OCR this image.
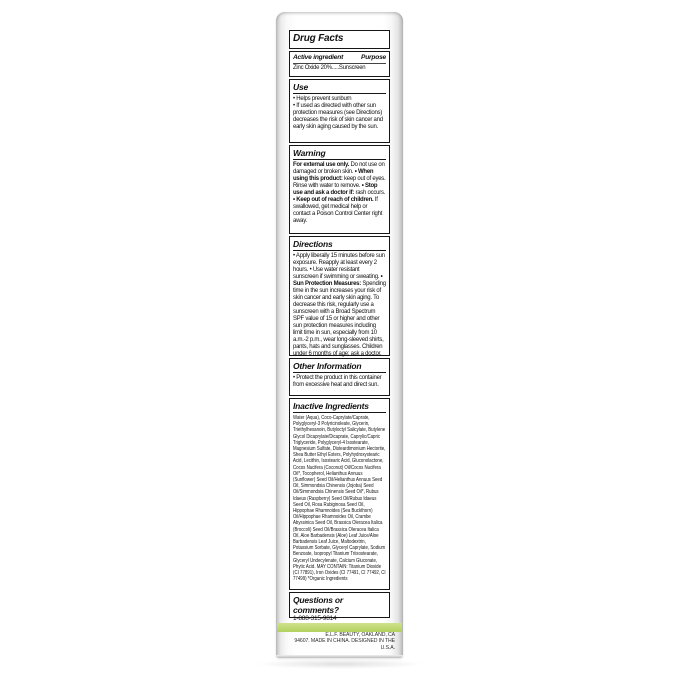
Drug Facts
Active ingredient	Purpose
Zinc Oxide 20%.....Sunscreen
Use
• Helps prevent sunburn
• If used as directed with other sun protection measures (see Directions) decreases the risk of skin cancer and early skin aging caused by the sun.
Warning
For external use only. Do not use on damaged or broken skin. • When using this product: keep out of eyes. Rinse with water to remove. • Stop use and ask a doctor if: rash occurs. • Keep out of reach of children. If swallowed, get medical help or contact a Poison Control Center right away.
Directions
• Apply liberally 15 minutes before sun exposure. Reapply at least every 2 hours. • Use water resistant sunscreen if swimming or sweating. • Sun Protection Measures: Spending time in the sun increases your risk of skin cancer and early skin aging. To decrease this risk, regularly use a sunscreen with a Broad Spectrum SPF value of 15 or higher and other sun protection measures including limit time in sun, especially from 10 a.m.-2 p.m., wear long-sleeved shirts, pants, hats and sunglasses. Children under 6 months of age: ask a doctor.
Other Information
• Protect the product in this container from excessive heat and direct sun.
Inactive Ingredients
Water (Aqua), Coco-Caprylate/Caprate, Polyglyceryl-3 Polyricinoleate, Glycerin, Triethylhexanoin, Butyloctyl Salicylate, Butylene Glycol Dicaprylate/Dicaprate, Caprylic/Capric Triglyceride, Polyglyceryl-4 Isostearate, Magnesium Sulfate, Disteardimonium Hectorite, Shea Butter Ethyl Esters, Polyhydroxystearic Acid, Lecithin, Isostearic Acid, Gluconolactone, Cocos Nucifera (Coconut) Oil/Cocos Nucifera Oil*, Tocopherol, Helianthus Annuus (Sunflower) Seed Oil/Helianthus Annuus Seed Oil, Simmondsia Chinensis (Jojoba) Seed Oil/Simmondsia Chinensis Seed Oil*, Rubus Idaeus (Raspberry) Seed Oil/Rubus Idaeus Seed Oil, Rosa Rubiginosa Seed Oil, Hippophae Rhamnoides (Sea Buckthorn) Oil/Hippophae Rhamnoides Oil, Crambe Abyssinica Seed Oil, Brassica Oleracea Italica (Broccoli) Seed Oil/Brassica Oleracea Italica Oil, Aloe Barbadensis (Aloe) Leaf Juice/Aloe Barbadensis Leaf Juice, Maltodextrin, Potassium Sorbate, Glyceryl Caprylate, Sodium Benzoate, Isopropyl Titanium Triisostearate, Glyceryl Undecylenate, Calcium Gluconate, Phytic Acid. MAY CONTAIN: Titanium Dioxide (CI 77891), Iron Oxides (CI 77491, CI 77492, CI 77499) *Organic Ingredients
Questions or comments?
1-888-315-9814
E.L.F. BEAUTY, OAKLAND, CA
94607. MADE IN CHINA. DESIGNED IN THE U.S.A.
